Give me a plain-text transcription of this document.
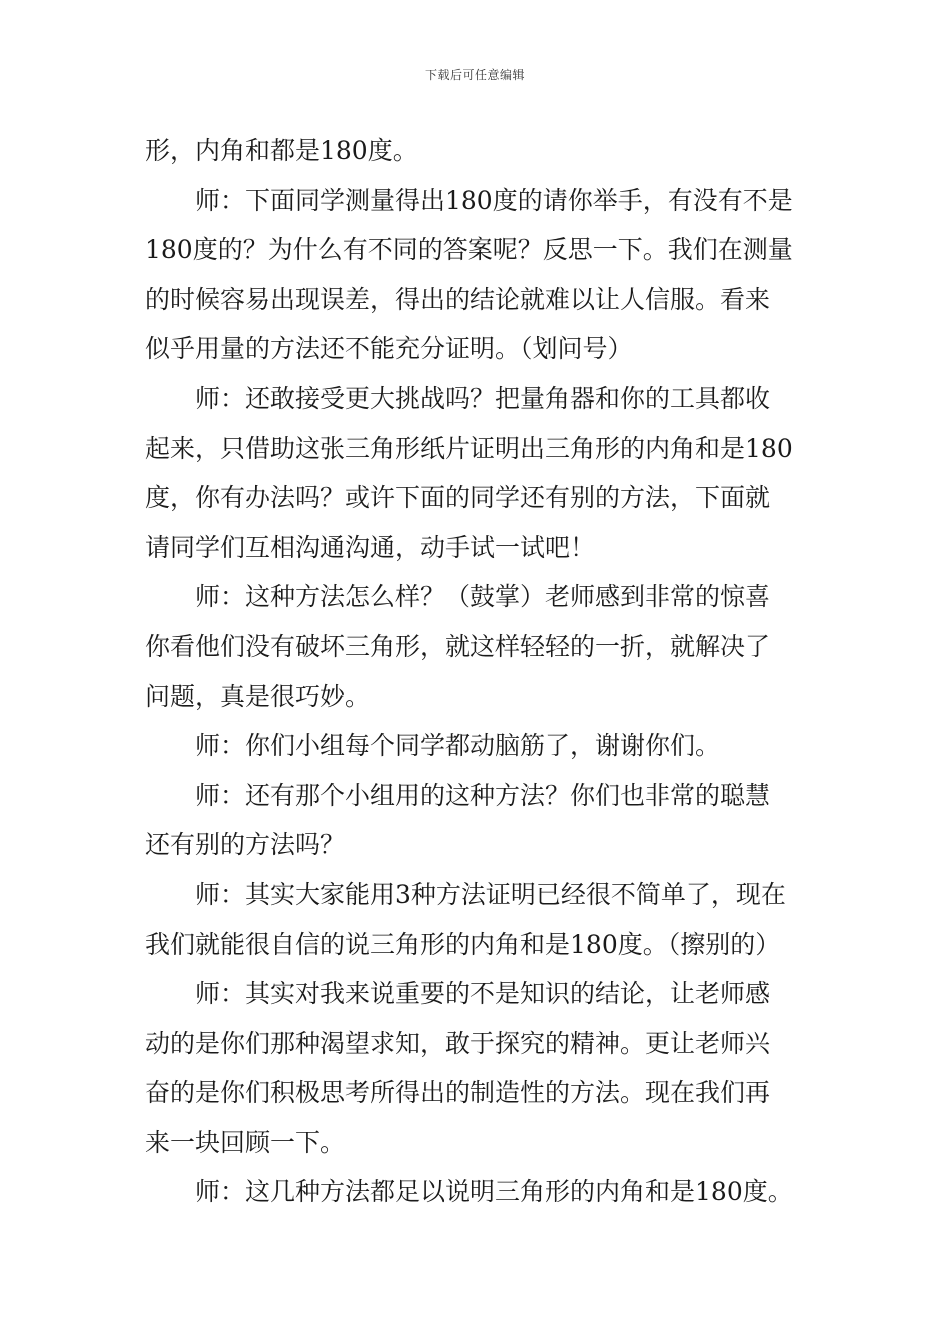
下载后可任意编辑
形，内角和都是180度。
师：下面同学测量得出180度的请你举手，有没有不是
180度的？为什么有不同的答案呢？反思一下。我们在测量
的时候容易出现误差，得出的结论就难以让人信服。看来
似乎用量的方法还不能充分证明。（划问号）
师：还敢接受更大挑战吗？把量角器和你的工具都收
起来，只借助这张三角形纸片证明出三角形的内角和是180
度，你有办法吗？或许下面的同学还有别的方法，下面就
请同学们互相沟通沟通，动手试一试吧！
师：这种方法怎么样？（鼓掌）老师感到非常的惊喜
你看他们没有破坏三角形，就这样轻轻的一折，就解决了
问题，真是很巧妙。
师：你们小组每个同学都动脑筋了，谢谢你们。
师：还有那个小组用的这种方法？你们也非常的聪慧
还有别的方法吗？
师：其实大家能用3种方法证明已经很不简单了，现在
我们就能很自信的说三角形的内角和是180度。（擦别的）
师：其实对我来说重要的不是知识的结论，让老师感
动的是你们那种渴望求知，敢于探究的精神。更让老师兴
奋的是你们积极思考所得出的制造性的方法。现在我们再
来一块回顾一下。
师：这几种方法都足以说明三角形的内角和是180度。
